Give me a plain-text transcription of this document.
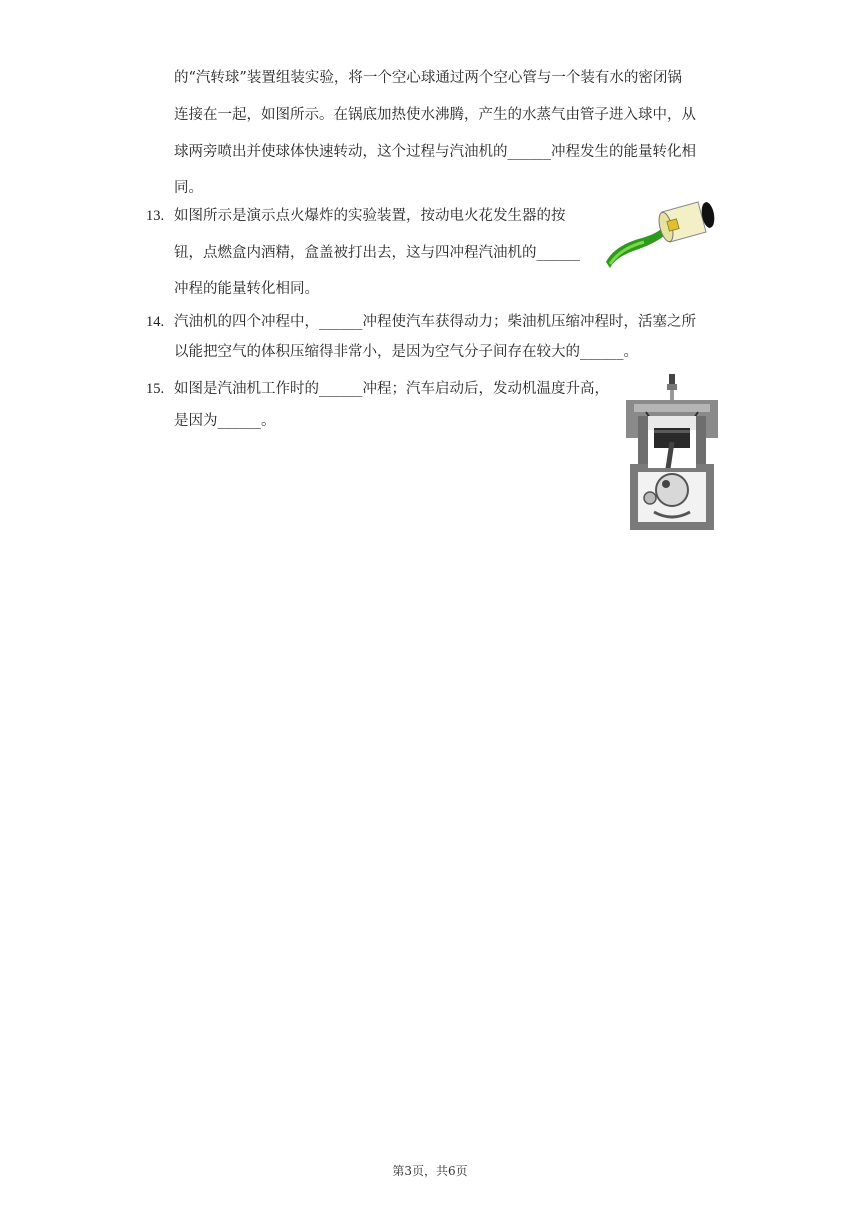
的“汽转球”装置组装实验，将一个空心球通过两个空心管与一个装有水的密闭锅
连接在一起，如图所示。在锅底加热使水沸腾，产生的水蒸气由管子进入球中，从
球两旁喷出并使球体快速转动，这个过程与汽油机的______冲程发生的能量转化相
同。
13. 如图所示是演示点火爆炸的实验装置，按动电火花发生器的按
钮，点燃盒内酒精，盒盖被打出去，这与四冲程汽油机的______
冲程的能量转化相同。
14. 汽油机的四个冲程中，______冲程使汽车获得动力；柴油机压缩冲程时，活塞之所
以能把空气的体积压缩得非常小，是因为空气分子间存在较大的______。
15. 如图是汽油机工作时的______冲程；汽车启动后，发动机温度升高，
是因为______。
第3页，共6页
